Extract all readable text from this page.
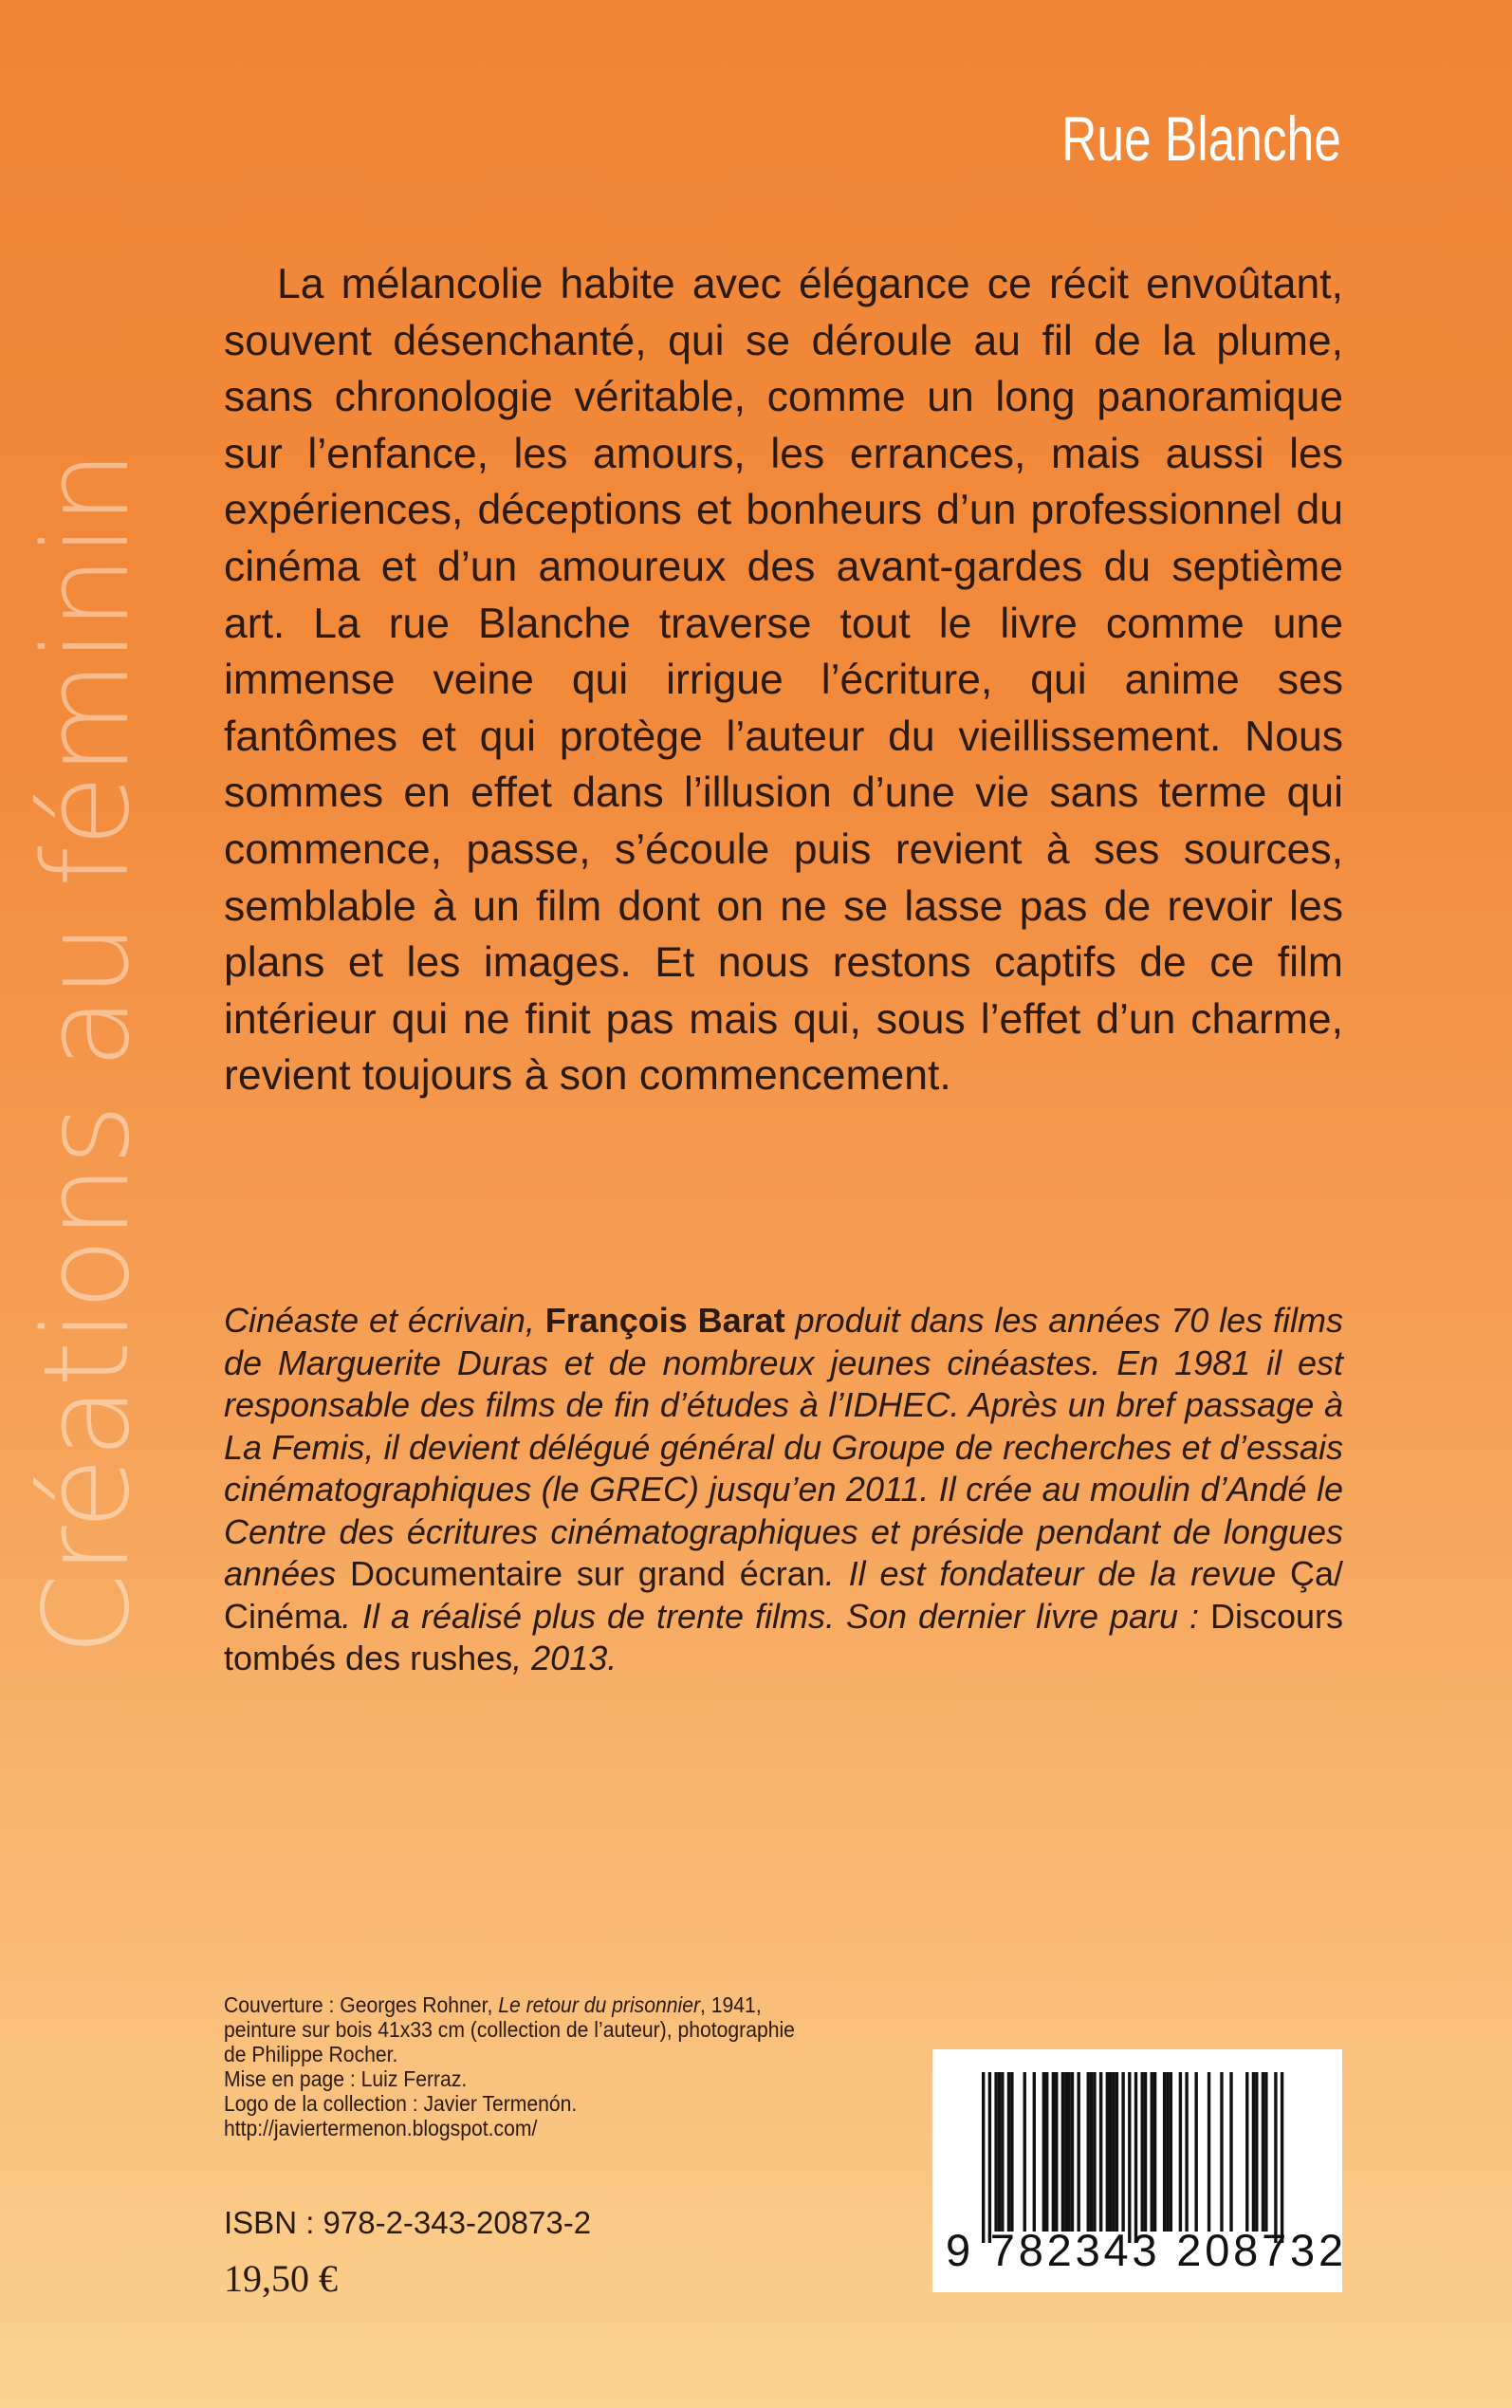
Créations au féminin
Rue Blanche

La mélancolie habite avec élégance ce récit envoûtant, souvent désenchanté, qui se déroule au fil de la plume, sans chronologie véritable, comme un long panoramique sur l’enfance, les amours, les errances, mais aussi les expériences, déceptions et bonheurs d’un professionnel du cinéma et d’un amoureux des avant-gardes du septième art. La rue Blanche traverse tout le livre comme une immense veine qui irrigue l’écriture, qui anime ses fantômes et qui protège l’auteur du vieillissement. Nous sommes en effet dans l’illusion d’une vie sans terme qui commence, passe, s’écoule puis revient à ses sources, semblable à un film dont on ne se lasse pas de revoir les plans et les images. Et nous restons captifs de ce film intérieur qui ne finit pas mais qui, sous l’effet d’un charme, revient toujours à son commencement.

Cinéaste et écrivain, François Barat produit dans les années 70 les films de Marguerite Duras et de nombreux jeunes cinéastes. En 1981 il est responsable des films de fin d’études à l’IDHEC. Après un bref passage à La Femis, il devient délégué général du Groupe de recherches et d’essais cinématographiques (le GREC) jusqu’en 2011. Il crée au moulin d’Andé le Centre des écritures cinématographiques et préside pendant de longues années Documentaire sur grand écran. Il est fondateur de la revue Ça/ Cinéma. Il a réalisé plus de trente films. Son dernier livre paru : Discours tombés des rushes, 2013.

Couverture : Georges Rohner, Le retour du prisonnier, 1941,
peinture sur bois 41x33 cm (collection de l’auteur), photographie
de Philippe Rocher.
Mise en page : Luiz Ferraz.
Logo de la collection : Javier Termenón.
http://javiertermenon.blogspot.com/
ISBN : 978-2-343-20873-2
19,50 €
9 782343 208732
